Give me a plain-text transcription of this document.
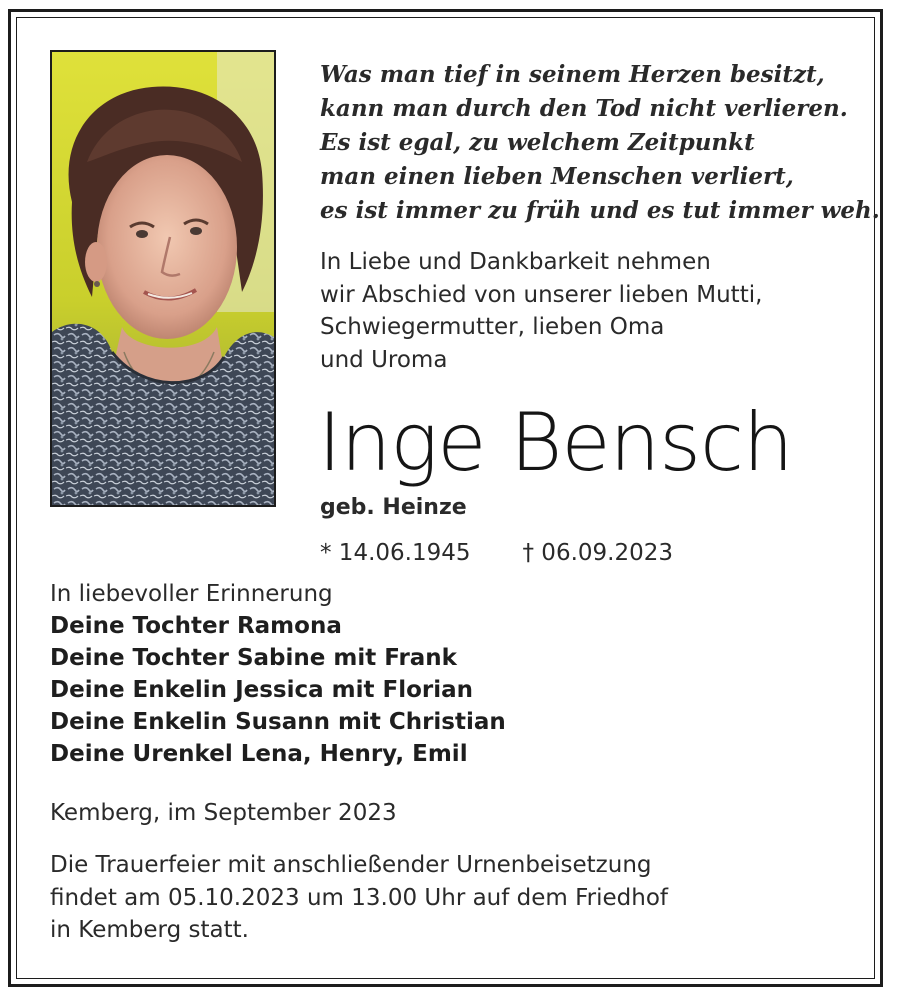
Was man tief in seinem Herzen besitzt,
kann man durch den Tod nicht verlieren.
Es ist egal, zu welchem Zeitpunkt
man einen lieben Menschen verliert,
es ist immer zu früh und es tut immer weh.
In Liebe und Dankbarkeit nehmen
wir Abschied von unserer lieben Mutti,
Schwiegermutter, lieben Oma
und Uroma
Inge Bensch
geb. Heinze
* 14.06.1945 † 06.09.2023
In liebevoller Erinnerung
Deine Tochter Ramona
Deine Tochter Sabine mit Frank
Deine Enkelin Jessica mit Florian
Deine Enkelin Susann mit Christian
Deine Urenkel Lena, Henry, Emil
Kemberg, im September 2023
Die Trauerfeier mit anschließender Urnenbeisetzung
findet am 05.10.2023 um 13.00 Uhr auf dem Friedhof
in Kemberg statt.
